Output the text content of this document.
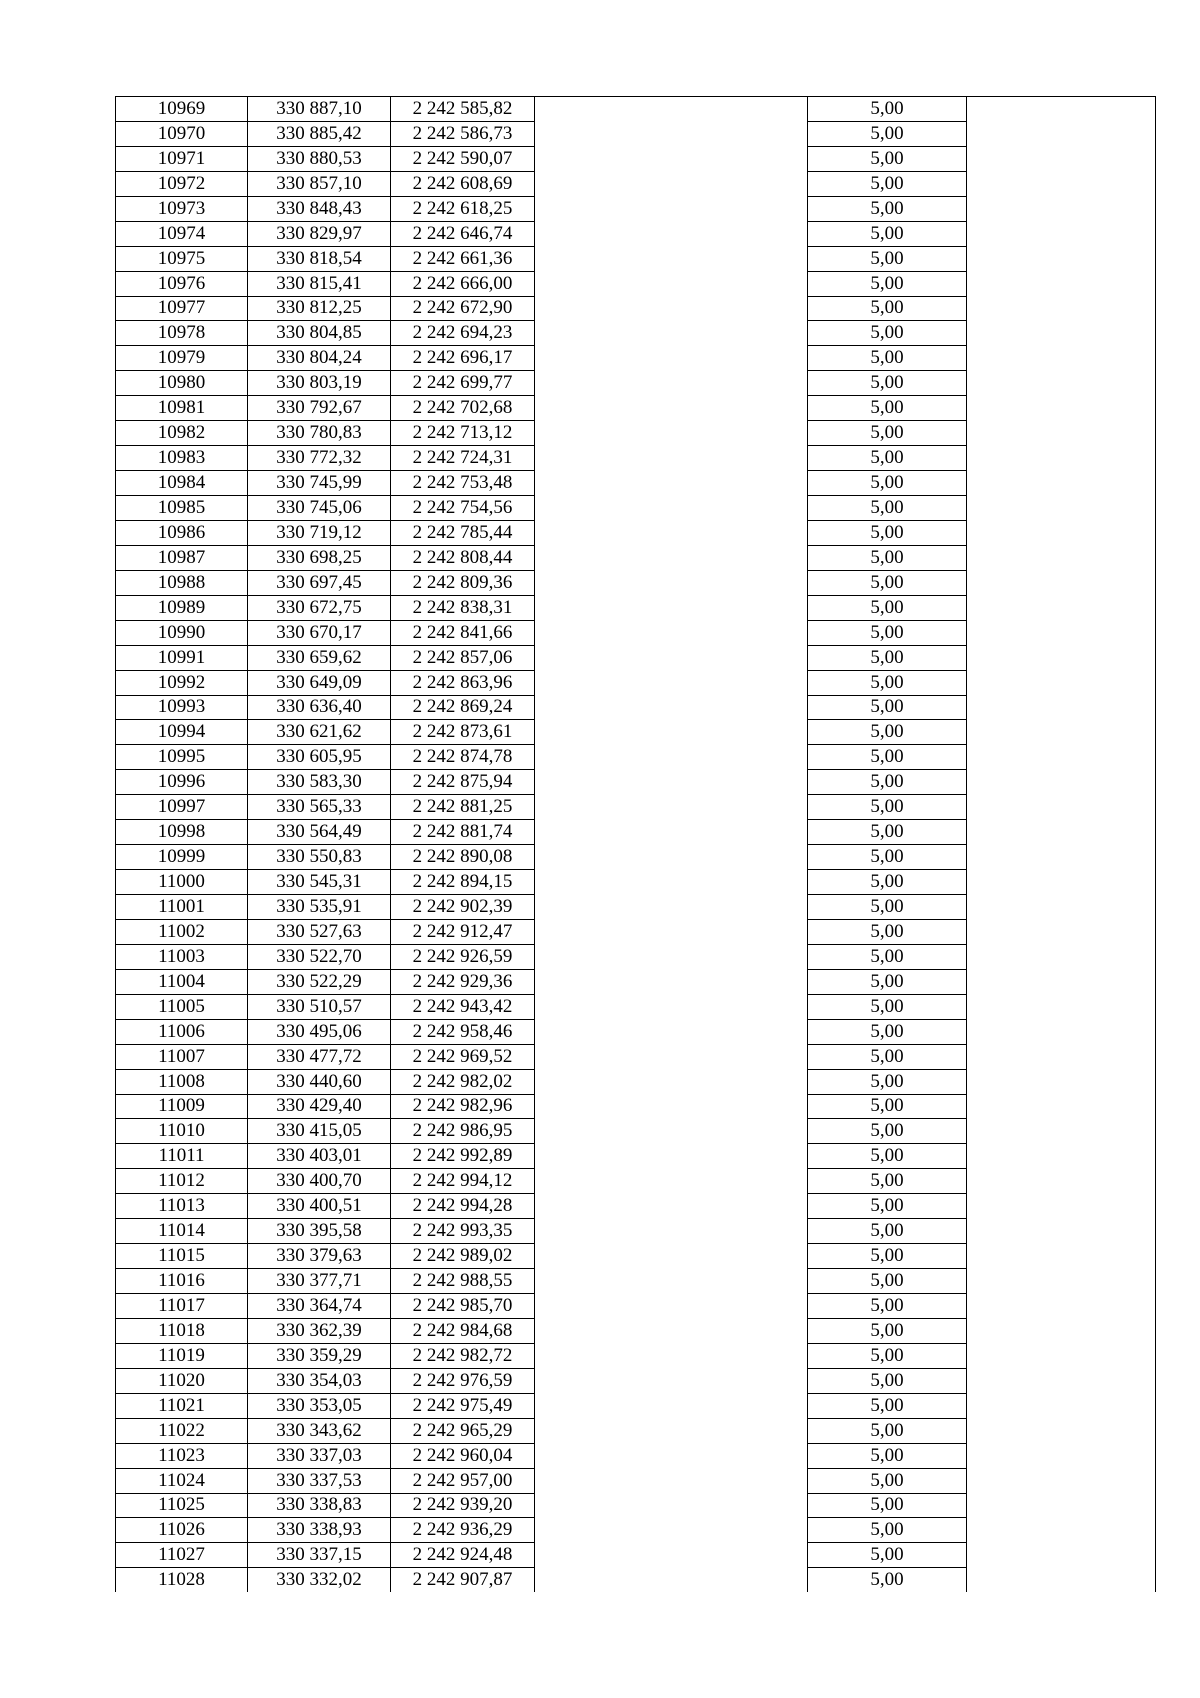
10969	330 887,10	2 242 585,82		5,00	
10970	330 885,42	2 242 586,73		5,00	
10971	330 880,53	2 242 590,07		5,00	
10972	330 857,10	2 242 608,69		5,00	
10973	330 848,43	2 242 618,25		5,00	
10974	330 829,97	2 242 646,74		5,00	
10975	330 818,54	2 242 661,36		5,00	
10976	330 815,41	2 242 666,00		5,00	
10977	330 812,25	2 242 672,90		5,00	
10978	330 804,85	2 242 694,23		5,00	
10979	330 804,24	2 242 696,17		5,00	
10980	330 803,19	2 242 699,77		5,00	
10981	330 792,67	2 242 702,68		5,00	
10982	330 780,83	2 242 713,12		5,00	
10983	330 772,32	2 242 724,31		5,00	
10984	330 745,99	2 242 753,48		5,00	
10985	330 745,06	2 242 754,56		5,00	
10986	330 719,12	2 242 785,44		5,00	
10987	330 698,25	2 242 808,44		5,00	
10988	330 697,45	2 242 809,36		5,00	
10989	330 672,75	2 242 838,31		5,00	
10990	330 670,17	2 242 841,66		5,00	
10991	330 659,62	2 242 857,06		5,00	
10992	330 649,09	2 242 863,96		5,00	
10993	330 636,40	2 242 869,24		5,00	
10994	330 621,62	2 242 873,61		5,00	
10995	330 605,95	2 242 874,78		5,00	
10996	330 583,30	2 242 875,94		5,00	
10997	330 565,33	2 242 881,25		5,00	
10998	330 564,49	2 242 881,74		5,00	
10999	330 550,83	2 242 890,08		5,00	
11000	330 545,31	2 242 894,15		5,00	
11001	330 535,91	2 242 902,39		5,00	
11002	330 527,63	2 242 912,47		5,00	
11003	330 522,70	2 242 926,59		5,00	
11004	330 522,29	2 242 929,36		5,00	
11005	330 510,57	2 242 943,42		5,00	
11006	330 495,06	2 242 958,46		5,00	
11007	330 477,72	2 242 969,52		5,00	
11008	330 440,60	2 242 982,02		5,00	
11009	330 429,40	2 242 982,96		5,00	
11010	330 415,05	2 242 986,95		5,00	
11011	330 403,01	2 242 992,89		5,00	
11012	330 400,70	2 242 994,12		5,00	
11013	330 400,51	2 242 994,28		5,00	
11014	330 395,58	2 242 993,35		5,00	
11015	330 379,63	2 242 989,02		5,00	
11016	330 377,71	2 242 988,55		5,00	
11017	330 364,74	2 242 985,70		5,00	
11018	330 362,39	2 242 984,68		5,00	
11019	330 359,29	2 242 982,72		5,00	
11020	330 354,03	2 242 976,59		5,00	
11021	330 353,05	2 242 975,49		5,00	
11022	330 343,62	2 242 965,29		5,00	
11023	330 337,03	2 242 960,04		5,00	
11024	330 337,53	2 242 957,00		5,00	
11025	330 338,83	2 242 939,20		5,00	
11026	330 338,93	2 242 936,29		5,00	
11027	330 337,15	2 242 924,48		5,00	
11028	330 332,02	2 242 907,87		5,00	
